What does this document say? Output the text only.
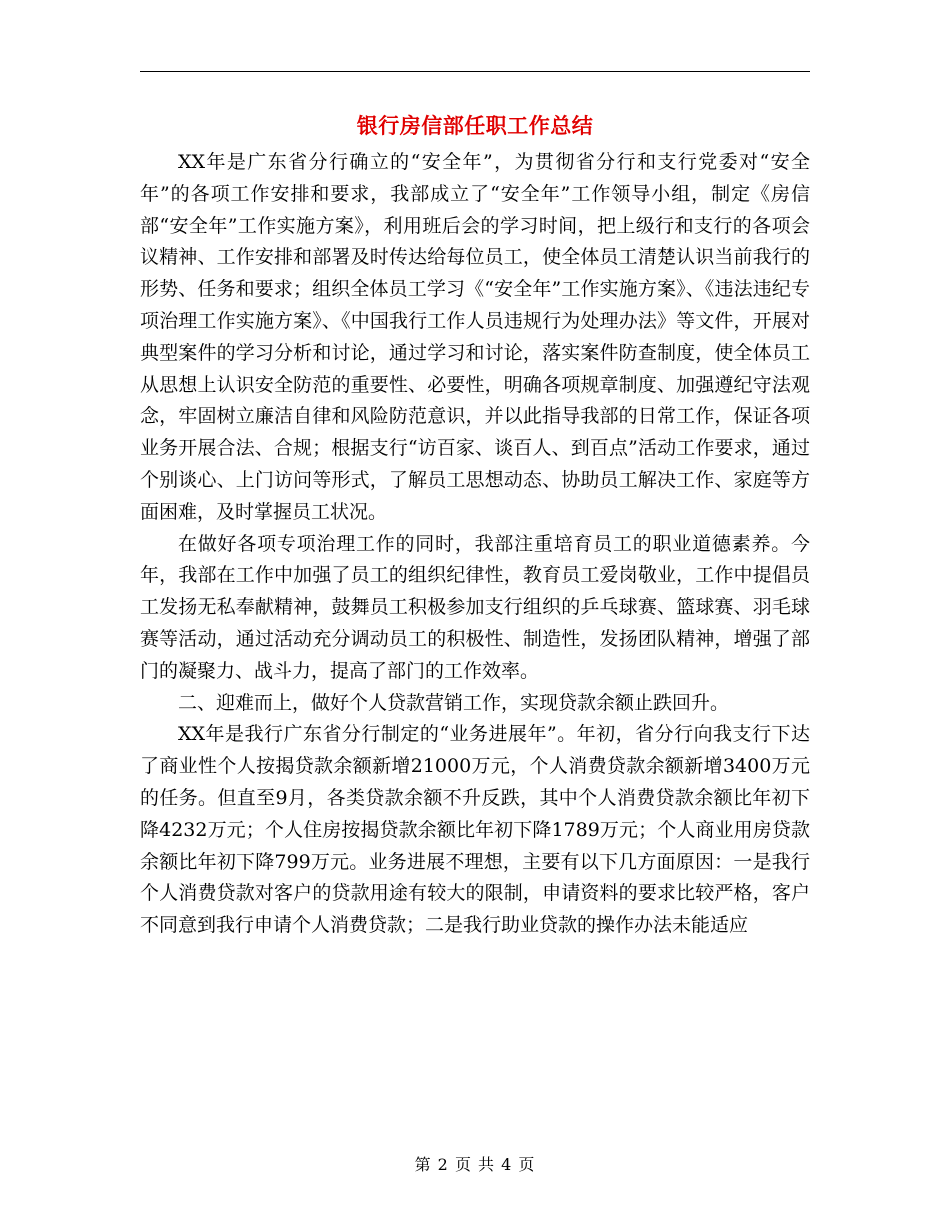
银行房信部任职工作总结

XX年是广东省分行确立的“安全年”，为贯彻省分行和支行党委对“安全年”的各项工作安排和要求，我部成立了“安全年”工作领导小组，制定《房信部“安全年”工作实施方案》，利用班后会的学习时间，把上级行和支行的各项会议精神、工作安排和部署及时传达给每位员工，使全体员工清楚认识当前我行的形势、任务和要求；组织全体员工学习《“安全年”工作实施方案》、《违法违纪专项治理工作实施方案》、《中国我行工作人员违规行为处理办法》等文件，开展对典型案件的学习分析和讨论，通过学习和讨论，落实案件防查制度，使全体员工从思想上认识安全防范的重要性、必要性，明确各项规章制度、加强遵纪守法观念，牢固树立廉洁自律和风险防范意识，并以此指导我部的日常工作，保证各项业务开展合法、合规；根据支行“访百家、谈百人、到百点”活动工作要求，通过个别谈心、上门访问等形式，了解员工思想动态、协助员工解决工作、家庭等方面困难，及时掌握员工状况。

在做好各项专项治理工作的同时，我部注重培育员工的职业道德素养。今年，我部在工作中加强了员工的组织纪律性，教育员工爱岗敬业，工作中提倡员工发扬无私奉献精神，鼓舞员工积极参加支行组织的乒乓球赛、篮球赛、羽毛球赛等活动，通过活动充分调动员工的积极性、制造性，发扬团队精神，增强了部门的凝聚力、战斗力，提高了部门的工作效率。

二、迎难而上，做好个人贷款营销工作，实现贷款余额止跌回升。

XX年是我行广东省分行制定的“业务进展年”。年初，省分行向我支行下达了商业性个人按揭贷款余额新增21000万元，个人消费贷款余额新增3400万元的任务。但直至9月，各类贷款余额不升反跌，其中个人消费贷款余额比年初下降4232万元；个人住房按揭贷款余额比年初下降1789万元；个人商业用房贷款余额比年初下降799万元。业务进展不理想，主要有以下几方面原因：一是我行个人消费贷款对客户的贷款用途有较大的限制，申请资料的要求比较严格，客户不同意到我行申请个人消费贷款；二是我行助业贷款的操作办法未能适应

第 2 页 共 4 页
